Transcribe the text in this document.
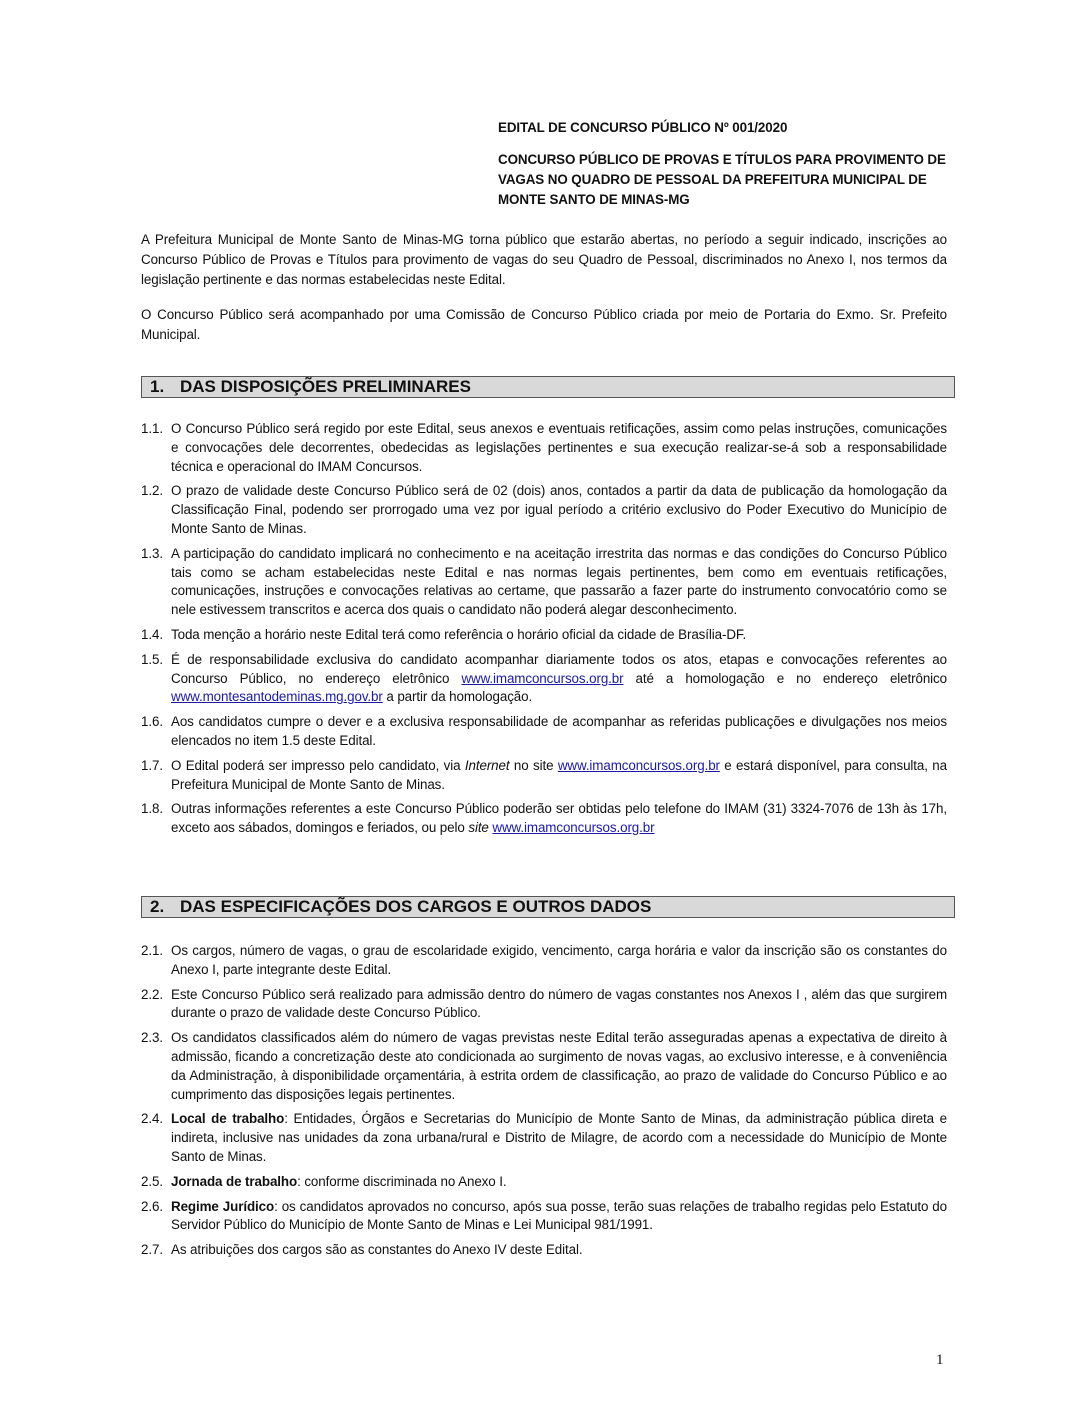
EDITAL DE CONCURSO PÚBLICO Nº 001/2020
CONCURSO PÚBLICO DE PROVAS E TÍTULOS PARA PROVIMENTO DE VAGAS NO QUADRO DE PESSOAL DA PREFEITURA MUNICIPAL DE MONTE SANTO DE MINAS-MG
A Prefeitura Municipal de Monte Santo de Minas-MG torna público que estarão abertas, no período a seguir indicado, inscrições ao Concurso Público de Provas e Títulos para provimento de vagas do seu Quadro de Pessoal, discriminados no Anexo I, nos termos da legislação pertinente e das normas estabelecidas neste Edital.
O Concurso Público será acompanhado por uma Comissão de Concurso Público criada por meio de Portaria do Exmo. Sr. Prefeito Municipal.
1. DAS DISPOSIÇÕES PRELIMINARES
1.1. O Concurso Público será regido por este Edital, seus anexos e eventuais retificações, assim como pelas instruções, comunicações e convocações dele decorrentes, obedecidas as legislações pertinentes e sua execução realizar-se-á sob a responsabilidade técnica e operacional do IMAM Concursos.
1.2. O prazo de validade deste Concurso Público será de 02 (dois) anos, contados a partir da data de publicação da homologação da Classificação Final, podendo ser prorrogado uma vez por igual período a critério exclusivo do Poder Executivo do Município de Monte Santo de Minas.
1.3. A participação do candidato implicará no conhecimento e na aceitação irrestrita das normas e das condições do Concurso Público tais como se acham estabelecidas neste Edital e nas normas legais pertinentes, bem como em eventuais retificações, comunicações, instruções e convocações relativas ao certame, que passarão a fazer parte do instrumento convocatório como se nele estivessem transcritos e acerca dos quais o candidato não poderá alegar desconhecimento.
1.4. Toda menção a horário neste Edital terá como referência o horário oficial da cidade de Brasília-DF.
1.5. É de responsabilidade exclusiva do candidato acompanhar diariamente todos os atos, etapas e convocações referentes ao Concurso Público, no endereço eletrônico www.imamconcursos.org.br até a homologação e no endereço eletrônico www.montesantodeminas.mg.gov.br a partir da homologação.
1.6. Aos candidatos cumpre o dever e a exclusiva responsabilidade de acompanhar as referidas publicações e divulgações nos meios elencados no item 1.5 deste Edital.
1.7. O Edital poderá ser impresso pelo candidato, via Internet no site www.imamconcursos.org.br e estará disponível, para consulta, na Prefeitura Municipal de Monte Santo de Minas.
1.8. Outras informações referentes a este Concurso Público poderão ser obtidas pelo telefone do IMAM (31) 3324-7076 de 13h às 17h, exceto aos sábados, domingos e feriados, ou pelo site www.imamconcursos.org.br
2. DAS ESPECIFICAÇÕES DOS CARGOS E OUTROS DADOS
2.1. Os cargos, número de vagas, o grau de escolaridade exigido, vencimento, carga horária e valor da inscrição são os constantes do Anexo I, parte integrante deste Edital.
2.2. Este Concurso Público será realizado para admissão dentro do número de vagas constantes nos Anexos I , além das que surgirem durante o prazo de validade deste Concurso Público.
2.3. Os candidatos classificados além do número de vagas previstas neste Edital terão asseguradas apenas a expectativa de direito à admissão, ficando a concretização deste ato condicionada ao surgimento de novas vagas, ao exclusivo interesse, e à conveniência da Administração, à disponibilidade orçamentária, à estrita ordem de classificação, ao prazo de validade do Concurso Público e ao cumprimento das disposições legais pertinentes.
2.4. Local de trabalho: Entidades, Órgãos e Secretarias do Município de Monte Santo de Minas, da administração pública direta e indireta, inclusive nas unidades da zona urbana/rural e Distrito de Milagre, de acordo com a necessidade do Município de Monte Santo de Minas.
2.5. Jornada de trabalho: conforme discriminada no Anexo I.
2.6. Regime Jurídico: os candidatos aprovados no concurso, após sua posse, terão suas relações de trabalho regidas pelo Estatuto do Servidor Público do Município de Monte Santo de Minas e Lei Municipal 981/1991.
2.7. As atribuições dos cargos são as constantes do Anexo IV deste Edital.
1
